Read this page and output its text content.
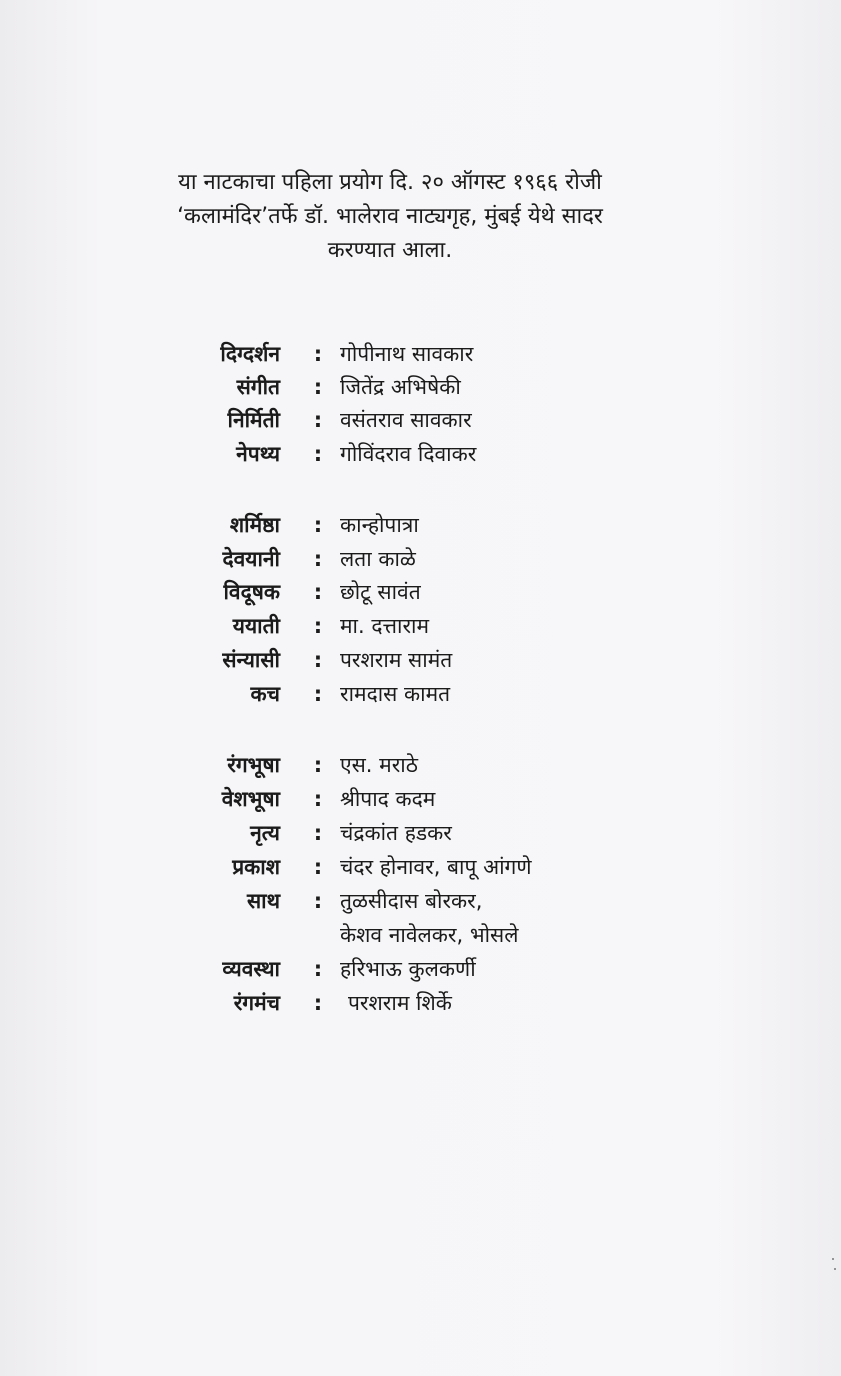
या नाटकाचा पहिला प्रयोग दि. २० ऑगस्ट १९६६ रोजी
‘कलामंदिर’तर्फे डॉ. भालेराव नाट्यगृह, मुंबई येथे सादर
करण्यात आला.
दिग्दर्शन : गोपीनाथ सावकार
संगीत : जितेंद्र अभिषेकी
निर्मिती : वसंतराव सावकार
नेपथ्य : गोविंदराव दिवाकर
शर्मिष्ठा : कान्होपात्रा
देवयानी : लता काळे
विदूषक : छोटू सावंत
ययाती : मा. दत्ताराम
संन्यासी : परशराम सामंत
कच : रामदास कामत
रंगभूषा : एस. मराठे
वेशभूषा : श्रीपाद कदम
नृत्य : चंद्रकांत हडकर
प्रकाश : चंदर होनावर, बापू आंगणे
साथ : तुळसीदास बोरकर,
केशव नावेलकर, भोसले
व्यवस्था : हरिभाऊ कुलकर्णी
रंगमंच : परशराम शिर्के
